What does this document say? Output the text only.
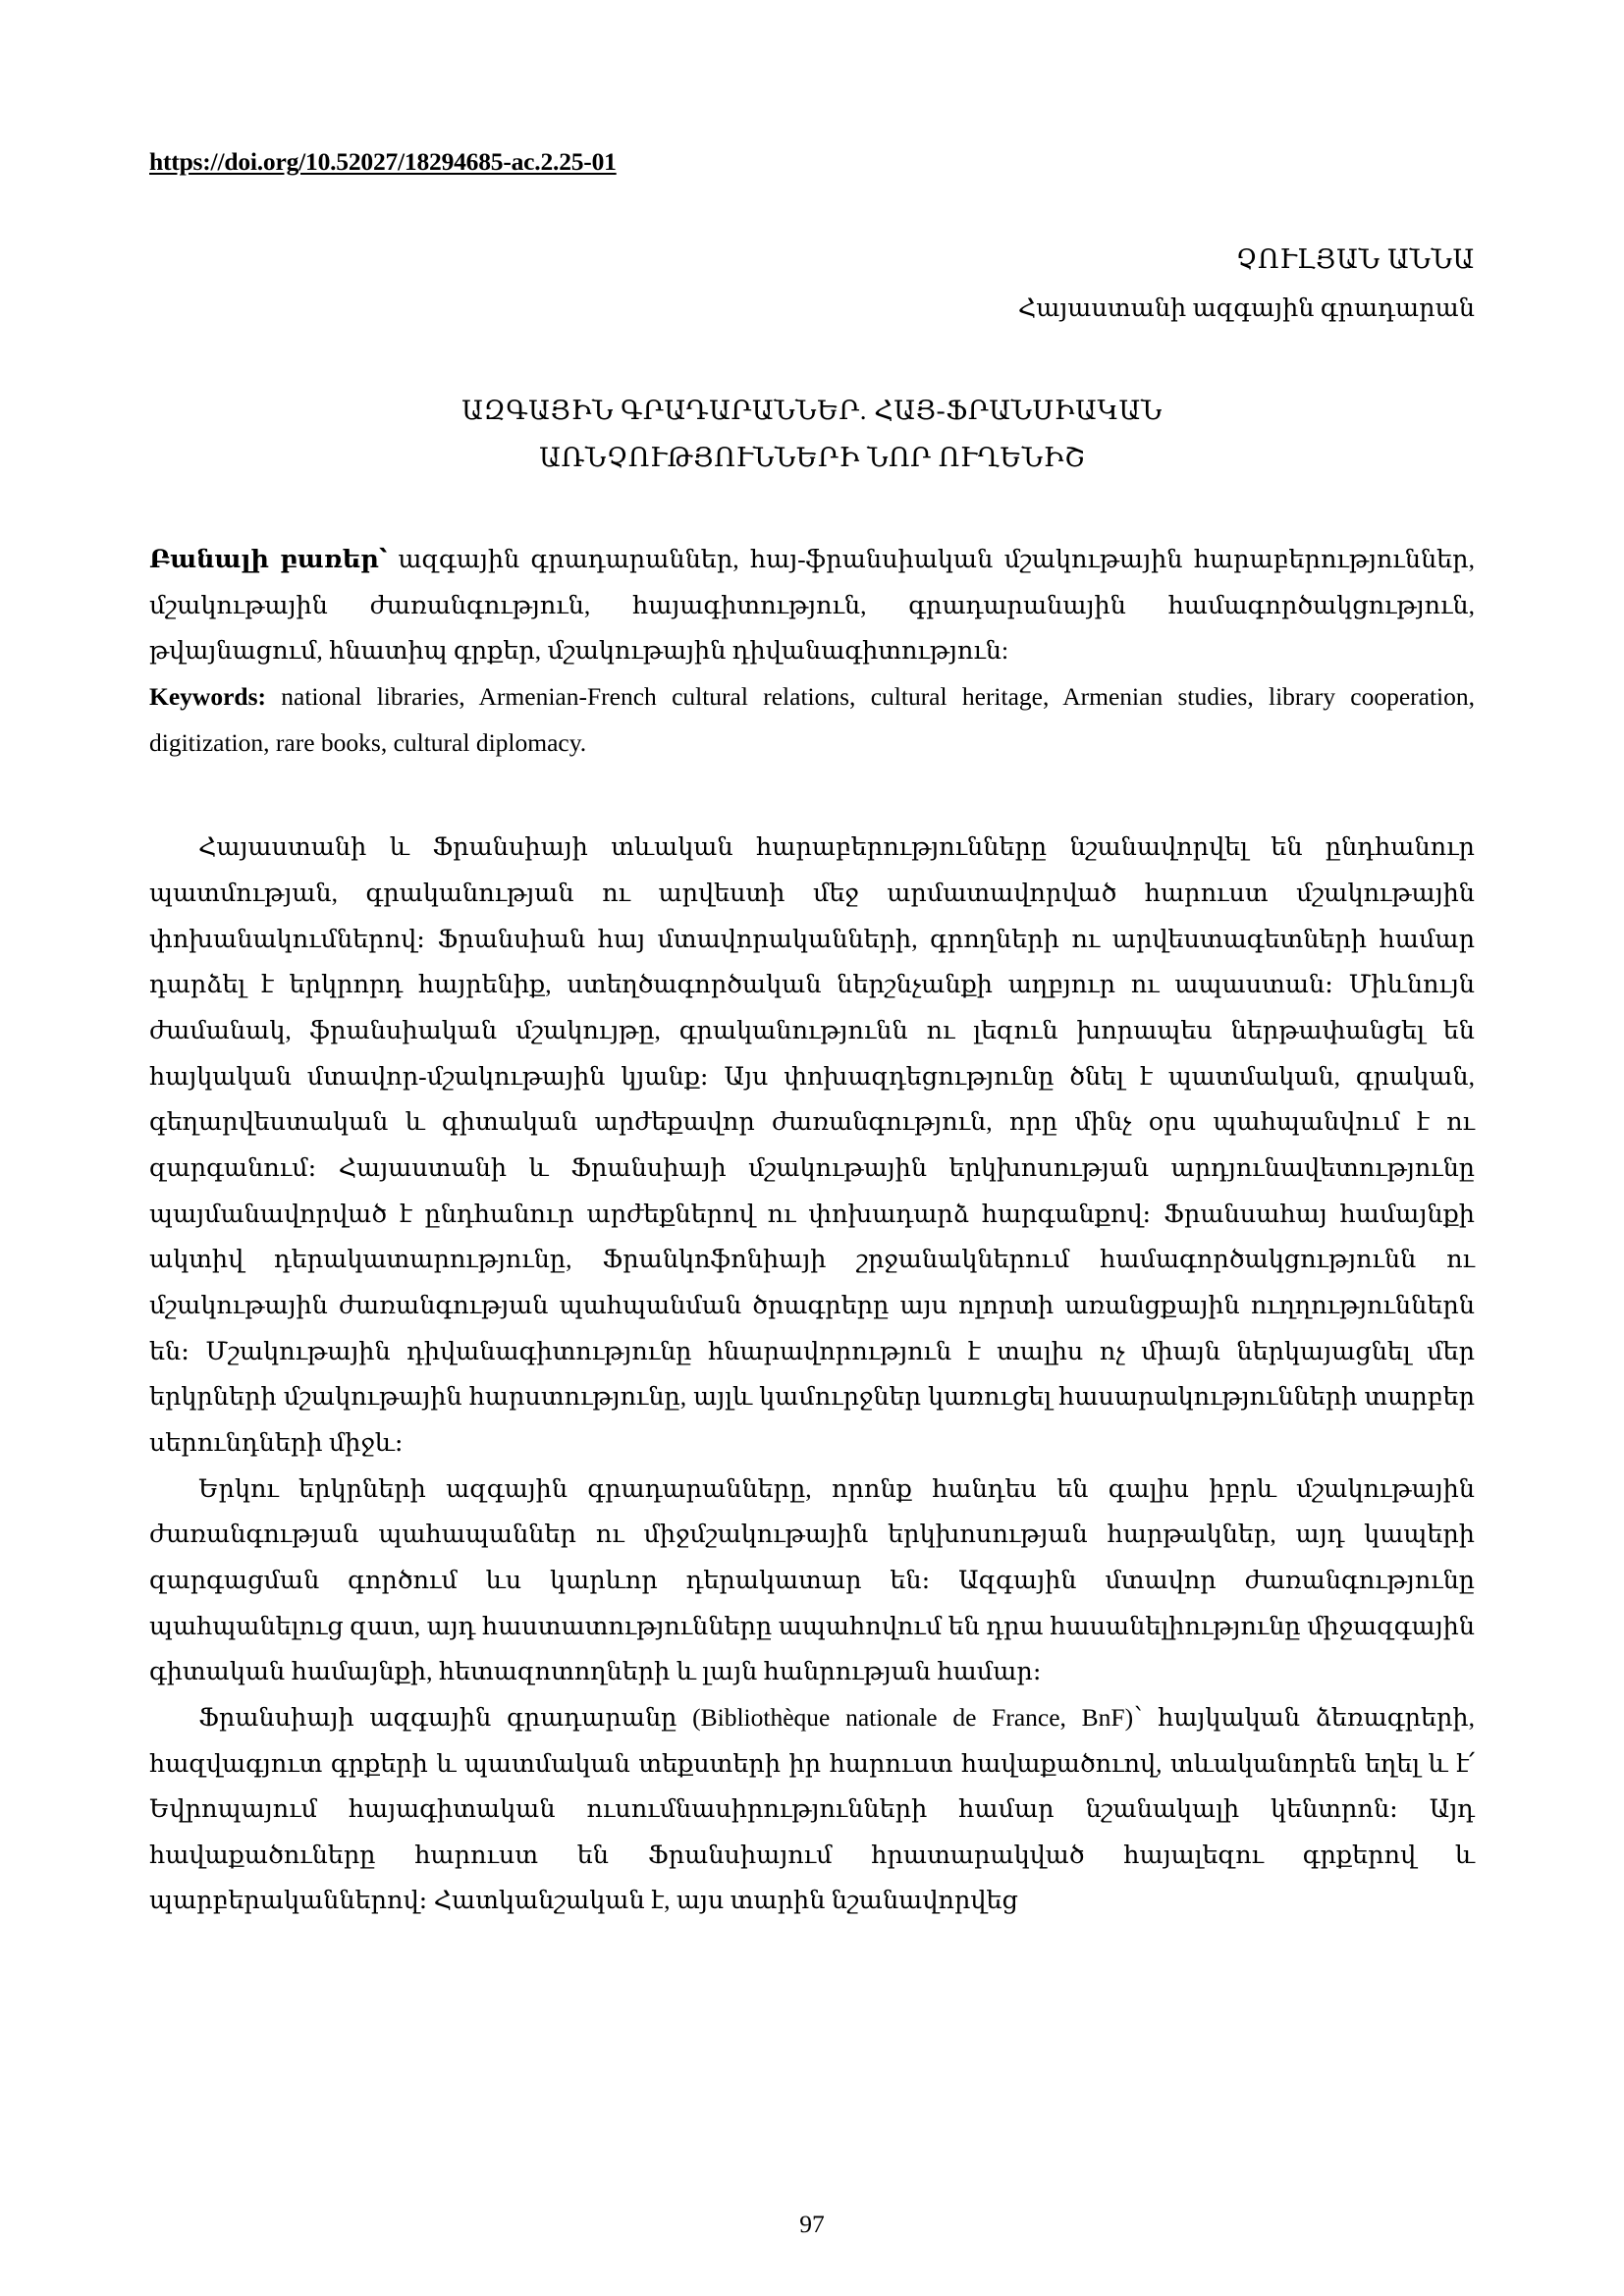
https://doi.org/10.52027/18294685-ac.2.25-01
ՉՈՒԼՅԱՆ ԱՆՆԱ
Հայաստանի ազգային գրադարան
ԱԶԳԱՅԻՆ ԳՐԱԴԱՐԱՆՆԵՐ. ՀԱՅ-ՖՐԱՆՍԻԱԿԱՆ
ԱՌՆՉՈՒԹՅՈՒՆՆԵՐԻ ՆՈՐ ՈՒՂԵՆԻՇ

Բանալի բառեր՝ ազգային գրադարաններ, հայ-ֆրանսիական մշակութային հարաբերություններ, մշակութային ժառանգություն, հայագիտություն, գրադարանային համագործակցություն, թվայնացում, հնատիպ գրքեր, մշակութային դիվանագիտություն:

Keywords: national libraries, Armenian-French cultural relations, cultural heritage, Armenian studies, library cooperation, digitization, rare books, cultural diplomacy.

Հայաստանի և Ֆրանսիայի տևական հարաբերությունները նշանավորվել են ընդհանուր պատմության, գրականության ու արվեստի մեջ արմատավորված հարուստ մշակութային փոխանակումներով։ Ֆրանսիան հայ մտավորականների, գրողների ու արվեստագետների համար դարձել է երկրորդ հայրենիք, ստեղծագործական ներշնչանքի աղբյուր ու ապաստան։ Միևնույն ժամանակ, ֆրանսիական մշակույթը, գրականությունն ու լեզուն խորապես ներթափանցել են հայկական մտավոր-մշակութային կյանք։ Այս փոխազդեցությունը ծնել է պատմական, գրական, գեղարվեստական և գիտական արժեքավոր ժառանգություն, որը մինչ օրս պահպանվում է ու զարգանում։ Հայաստանի և Ֆրանսիայի մշակութային երկխոսության արդյունավետությունը պայմանավորված է ընդհանուր արժեքներով ու փոխադարձ հարգանքով։ Ֆրանսահայ համայնքի ակտիվ դերակատարությունը, Ֆրանկոֆոնիայի շրջանակներում համագործակցությունն ու մշակութային ժառանգության պահպանման ծրագրերը այս ոլորտի առանցքային ուղղություններն են։ Մշակութային դիվանագիտությունը հնարավորություն է տալիս ոչ միայն ներկայացնել մեր երկրների մշակութային հարստությունը, այլև կամուրջներ կառուցել հասարակությունների տարբեր սերունդների միջև։

Երկու երկրների ազգային գրադարանները, որոնք հանդես են գալիս իբրև մշակութային ժառանգության պահապաններ ու միջմշակութային երկխոսության հարթակներ, այդ կապերի զարգացման գործում ևս կարևոր դերակատար են։ Ազգային մտավոր ժառանգությունը պահպանելուց զատ, այդ հաստատությունները ապահովում են դրա հասանելիությունը միջազգային գիտական համայնքի, հետազոտողների և լայն հանրության համար։

Ֆրանսիայի ազգային գրադարանը (Bibliothèque nationale de France, BnF)՝ հայկական ձեռագրերի, հազվագյուտ գրքերի և պատմական տեքստերի իր հարուստ հավաքածուով, տևականորեն եղել և է՛ Եվրոպայում հայագիտական ուսումնասիրությունների համար նշանակալի կենտրոն։ Այդ հավաքածուները հարուստ են Ֆրանսիայում հրատարակված հայալեզու գրքերով և պարբերականներով։ Հատկանշական է, այս տարին նշանավորվեց

97
